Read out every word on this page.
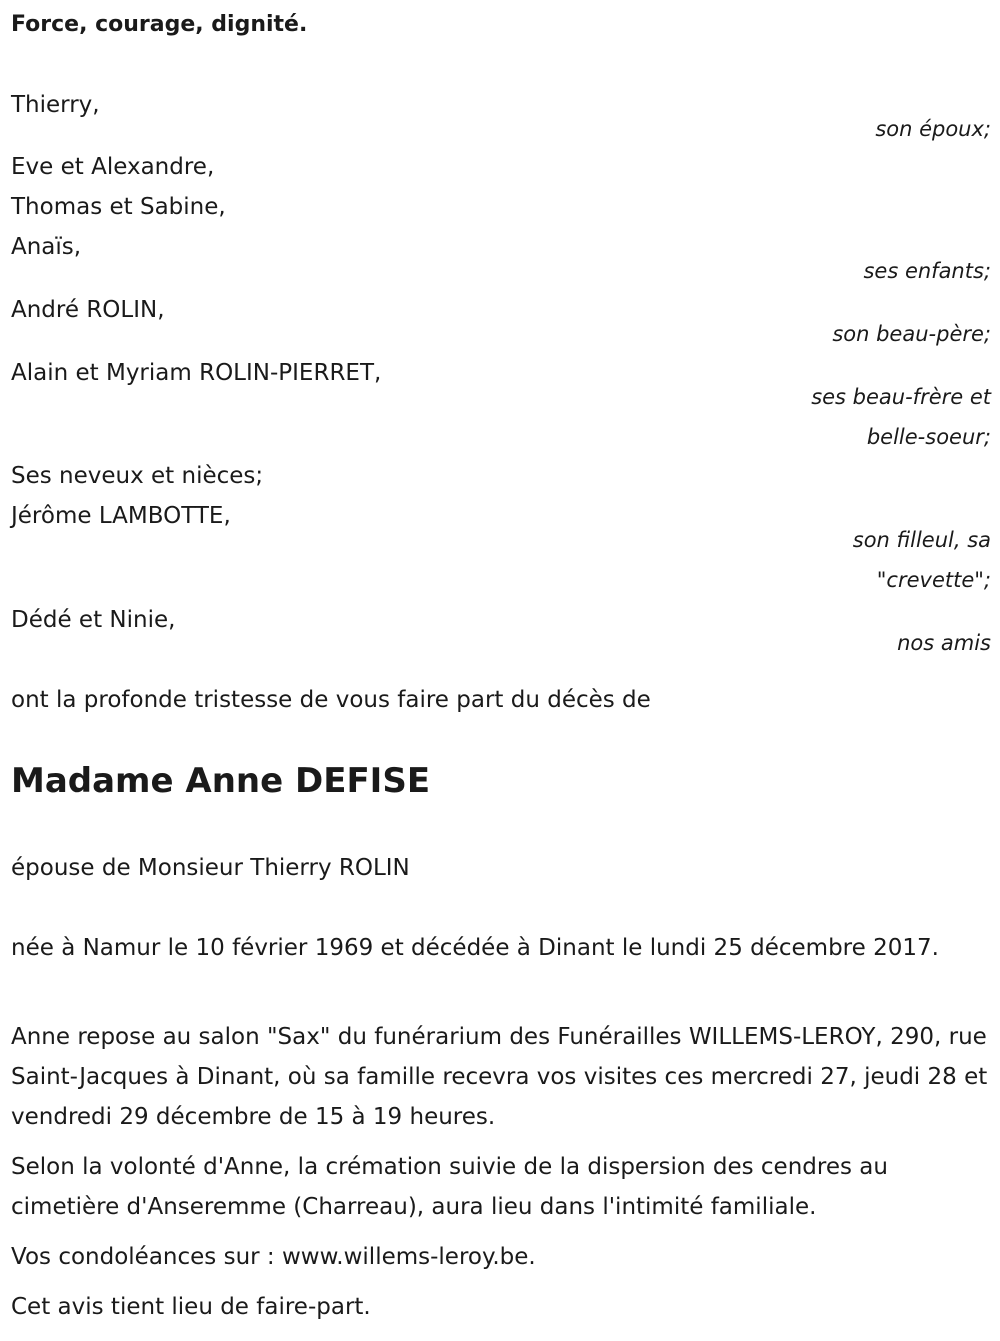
Force, courage, dignité.
Thierry,
son époux;
Eve et Alexandre,
Thomas et Sabine,
Anaïs,
ses enfants;
André ROLIN,
son beau-père;
Alain et Myriam ROLIN-PIERRET,
ses beau-frère et
belle-soeur;
Ses neveux et nièces;
Jérôme LAMBOTTE,
son filleul, sa
"crevette";
Dédé et Ninie,
nos amis
ont la profonde tristesse de vous faire part du décès de
Madame Anne DEFISE
épouse de Monsieur Thierry ROLIN
née à Namur le 10 février 1969 et décédée à Dinant le lundi 25 décembre 2017.
Anne repose au salon "Sax" du funérarium des Funérailles WILLEMS-LEROY, 290, rue Saint-Jacques à Dinant, où sa famille recevra vos visites ces mercredi 27, jeudi 28 et vendredi 29 décembre de 15 à 19 heures.
Selon la volonté d'Anne, la crémation suivie de la dispersion des cendres au cimetière d'Anseremme (Charreau), aura lieu dans l'intimité familiale.
Vos condoléances sur : www.willems-leroy.be.
Cet avis tient lieu de faire-part.
